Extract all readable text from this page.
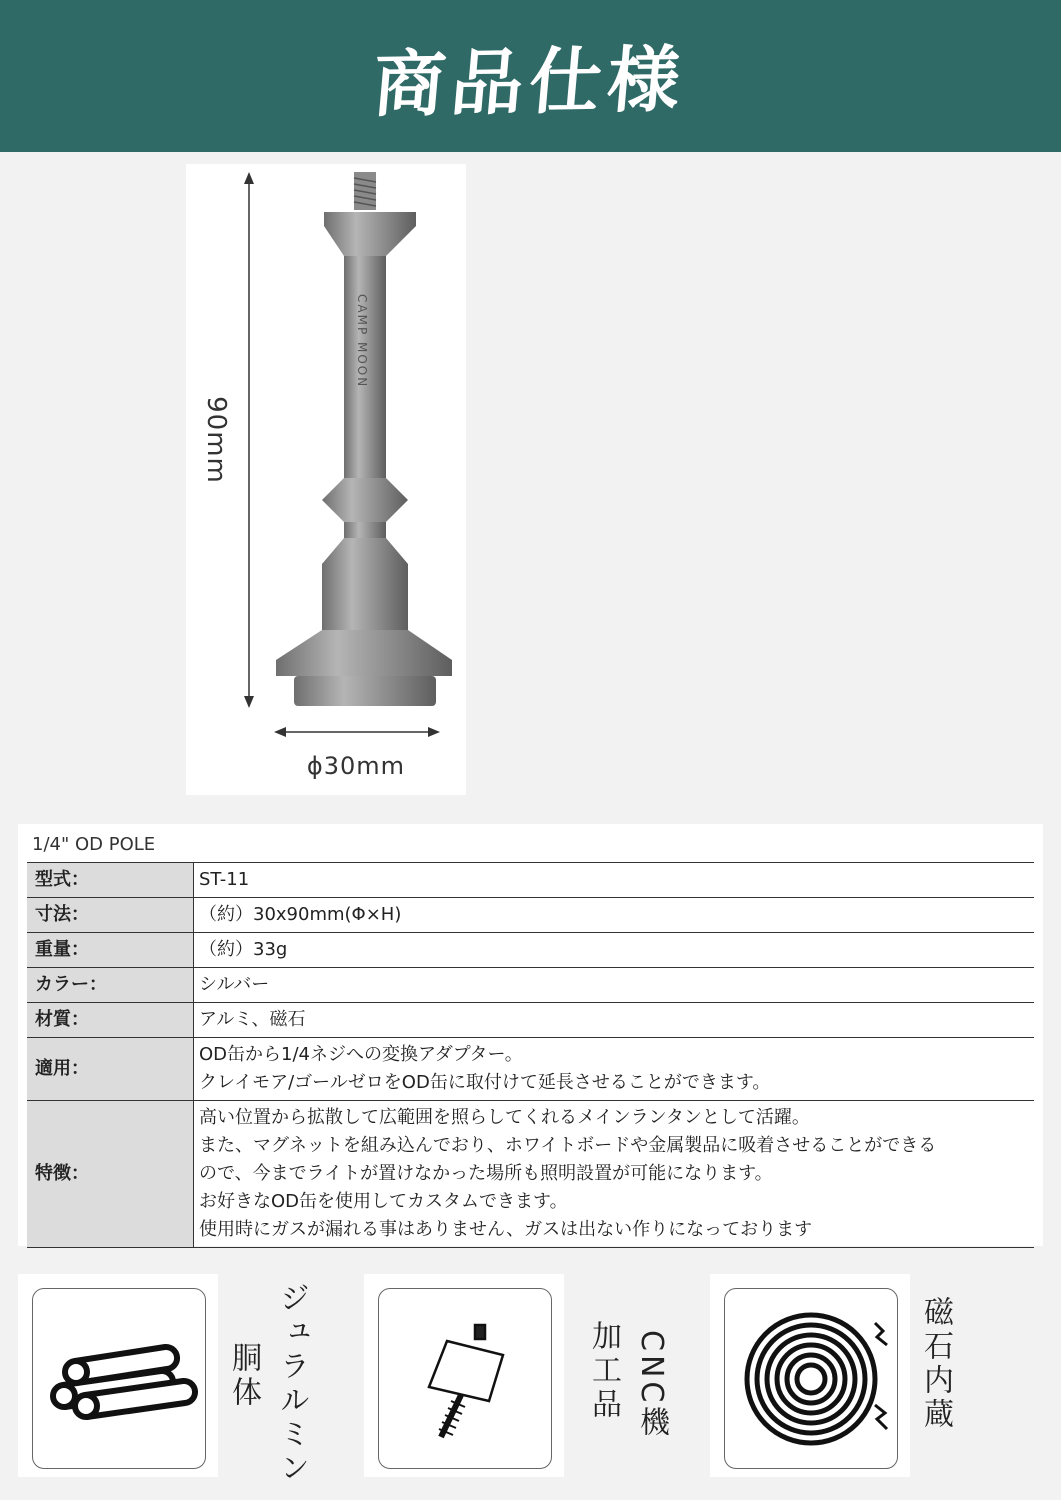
商品仕様
CAMP MOON
90mm
ϕ30mm
1/4" OD POLE
型式：	ST-11

寸法：	（約）30x90mm(Φ×H)

重量：	（約）33g

カラー：	シルバー

材質：	アルミ、磁石

適用：	OD缶から1/4ネジへの変換アダプター。
クレイモア/ゴールゼロをOD缶に取付けて延長させることができます。

特徴：	高い位置から拡散して広範囲を照らしてくれるメインランタンとして活躍。
また、マグネットを組み込んでおり、ホワイトボードや金属製品に吸着させることができる
ので、今までライトが置けなかった場所も照明設置が可能になります。
お好きなOD缶を使用してカスタムできます。
使用時にガスが漏れる事はありません、ガスは出ない作りになっております
ジュラルミン
胴体	CNC機
加工品	磁石内蔵
